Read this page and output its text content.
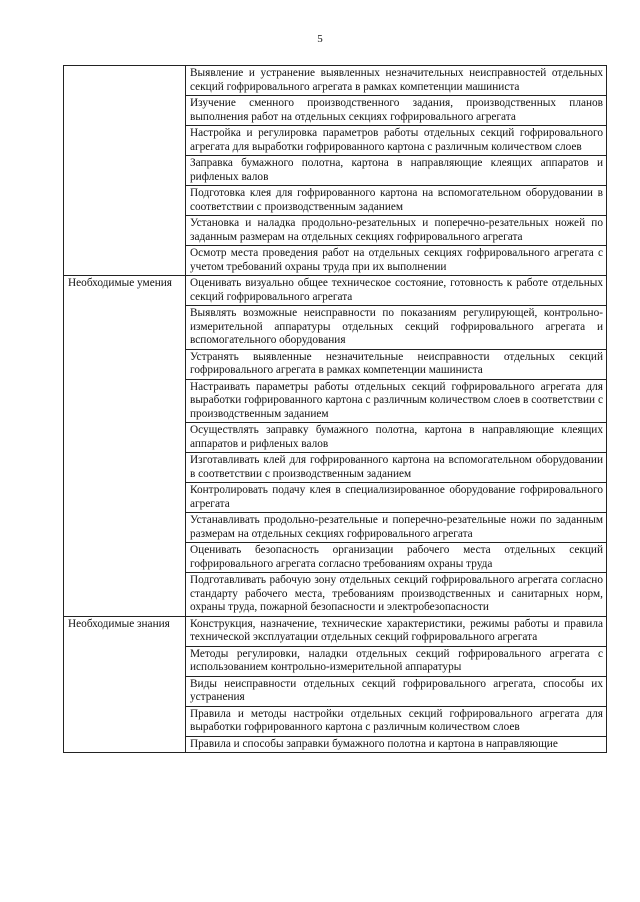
5
	Выявление и устранение выявленных незначительных неисправностей отдельных секций гофрировального агрегата в рамках компетенции машиниста
	Изучение сменного производственного задания, производственных планов выполнения работ на отдельных секциях гофрировального агрегата
	Настройка и регулировка параметров работы отдельных секций гофрировального агрегата для выработки гофрированного картона с различным количеством слоев
	Заправка бумажного полотна, картона в направляющие клеящих аппаратов и рифленых валов
	Подготовка клея для гофрированного картона на вспомогательном оборудовании в соответствии с производственным заданием
	Установка и наладка продольно-резательных и поперечно-резательных ножей по заданным размерам на отдельных секциях гофрировального агрегата
	Осмотр места проведения работ на отдельных секциях гофрировального агрегата с учетом требований охраны труда при их выполнении
Необходимые умения	Оценивать визуально общее техническое состояние, готовность к работе отдельных секций гофрировального агрегата
	Выявлять возможные неисправности по показаниям регулирующей, контрольно-измерительной аппаратуры отдельных секций гофрировального агрегата и вспомогательного оборудования
	Устранять выявленные незначительные неисправности отдельных секций гофрировального агрегата в рамках компетенции машиниста
	Настраивать параметры работы отдельных секций гофрировального агрегата для выработки гофрированного картона с различным количеством слоев в соответствии с производственным заданием
	Осуществлять заправку бумажного полотна, картона в направляющие клеящих аппаратов и рифленых валов
	Изготавливать клей для гофрированного картона на вспомогательном оборудовании в соответствии с производственным заданием
	Контролировать подачу клея в специализированное оборудование гофрировального агрегата
	Устанавливать продольно-резательные и поперечно-резательные ножи по заданным размерам на отдельных секциях гофрировального агрегата
	Оценивать безопасность организации рабочего места отдельных секций гофрировального агрегата согласно требованиям охраны труда
	Подготавливать рабочую зону отдельных секций гофрировального агрегата согласно стандарту рабочего места, требованиям производственных и санитарных норм, охраны труда, пожарной безопасности и электробезопасности
Необходимые знания	Конструкция, назначение, технические характеристики, режимы работы и правила технической эксплуатации отдельных секций гофрировального агрегата
	Методы регулировки, наладки отдельных секций гофрировального агрегата с использованием контрольно-измерительной аппаратуры
	Виды неисправности отдельных секций гофрировального агрегата, способы их устранения
	Правила и методы настройки отдельных секций гофрировального агрегата для выработки гофрированного картона с различным количеством слоев
	Правила и способы заправки бумажного полотна и картона в направляющие
